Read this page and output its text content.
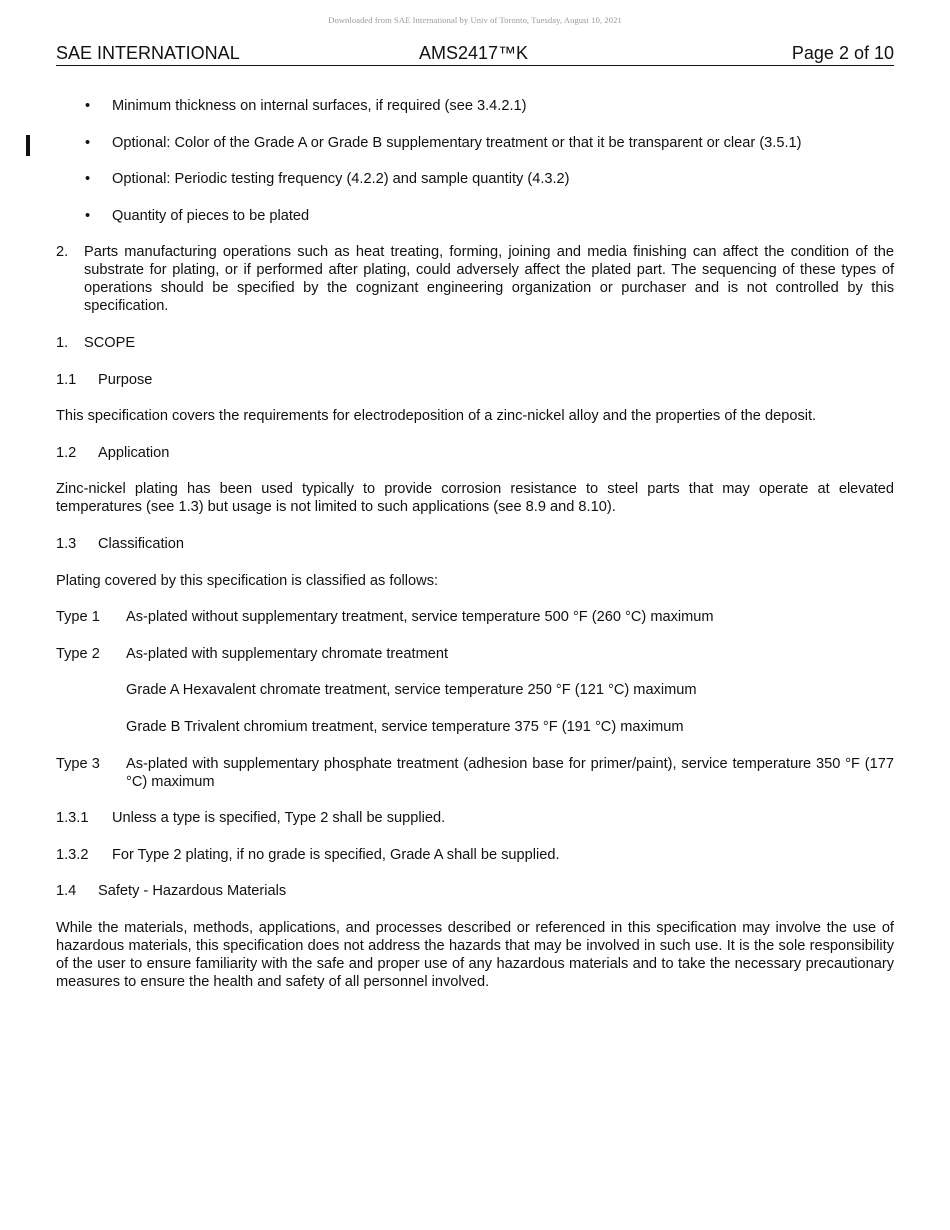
Downloaded from SAE International by Univ of Toronto, Tuesday, August 10, 2021
SAE INTERNATIONAL	AMS2417™K	Page 2 of 10
• Minimum thickness on internal surfaces, if required (see 3.4.2.1)
• Optional: Color of the Grade A or Grade B supplementary treatment or that it be transparent or clear (3.5.1)
• Optional: Periodic testing frequency (4.2.2) and sample quantity (4.3.2)
• Quantity of pieces to be plated
2. Parts manufacturing operations such as heat treating, forming, joining and media finishing can affect the condition of the substrate for plating, or if performed after plating, could adversely affect the plated part. The sequencing of these types of operations should be specified by the cognizant engineering organization or purchaser and is not controlled by this specification.
1. SCOPE
1.1 Purpose
This specification covers the requirements for electrodeposition of a zinc-nickel alloy and the properties of the deposit.
1.2 Application
Zinc-nickel plating has been used typically to provide corrosion resistance to steel parts that may operate at elevated temperatures (see 1.3) but usage is not limited to such applications (see 8.9 and 8.10).
1.3 Classification
Plating covered by this specification is classified as follows:
Type 1 As-plated without supplementary treatment, service temperature 500 °F (260 °C) maximum
Type 2 As-plated with supplementary chromate treatment
Grade A Hexavalent chromate treatment, service temperature 250 °F (121 °C) maximum
Grade B Trivalent chromium treatment, service temperature 375 °F (191 °C) maximum
Type 3 As-plated with supplementary phosphate treatment (adhesion base for primer/paint), service temperature 350 °F (177 °C) maximum
1.3.1 Unless a type is specified, Type 2 shall be supplied.
1.3.2 For Type 2 plating, if no grade is specified, Grade A shall be supplied.
1.4 Safety - Hazardous Materials
While the materials, methods, applications, and processes described or referenced in this specification may involve the use of hazardous materials, this specification does not address the hazards that may be involved in such use. It is the sole responsibility of the user to ensure familiarity with the safe and proper use of any hazardous materials and to take the necessary precautionary measures to ensure the health and safety of all personnel involved.
